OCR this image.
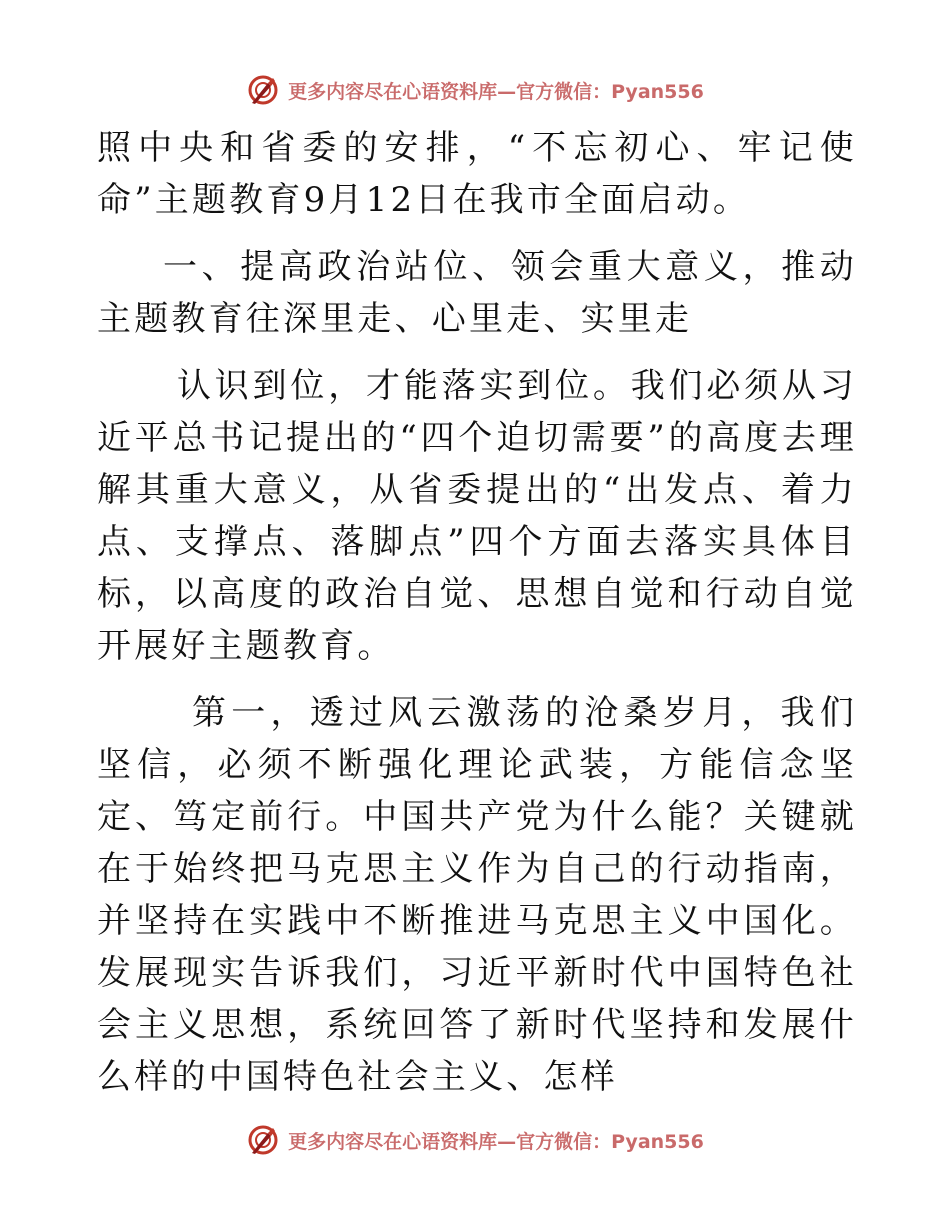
更多内容尽在心语资料库—官方微信：Pyan556

照中央和省委的安排，“不忘初心、牢记使命”主题教育9月12日在我市全面启动。

一、提高政治站位、领会重大意义，推动主题教育往深里走、心里走、实里走

认识到位，才能落实到位。我们必须从习近平总书记提出的“四个迫切需要”的高度去理解其重大意义，从省委提出的“出发点、着力点、支撑点、落脚点”四个方面去落实具体目标，以高度的政治自觉、思想自觉和行动自觉开展好主题教育。

第一，透过风云激荡的沧桑岁月，我们坚信，必须不断强化理论武装，方能信念坚定、笃定前行。中国共产党为什么能？关键就在于始终把马克思主义作为自己的行动指南，并坚持在实践中不断推进马克思主义中国化。发展现实告诉我们，习近平新时代中国特色社会主义思想，系统回答了新时代坚持和发展什么样的中国特色社会主义、怎样

更多内容尽在心语资料库—官方微信：Pyan556
